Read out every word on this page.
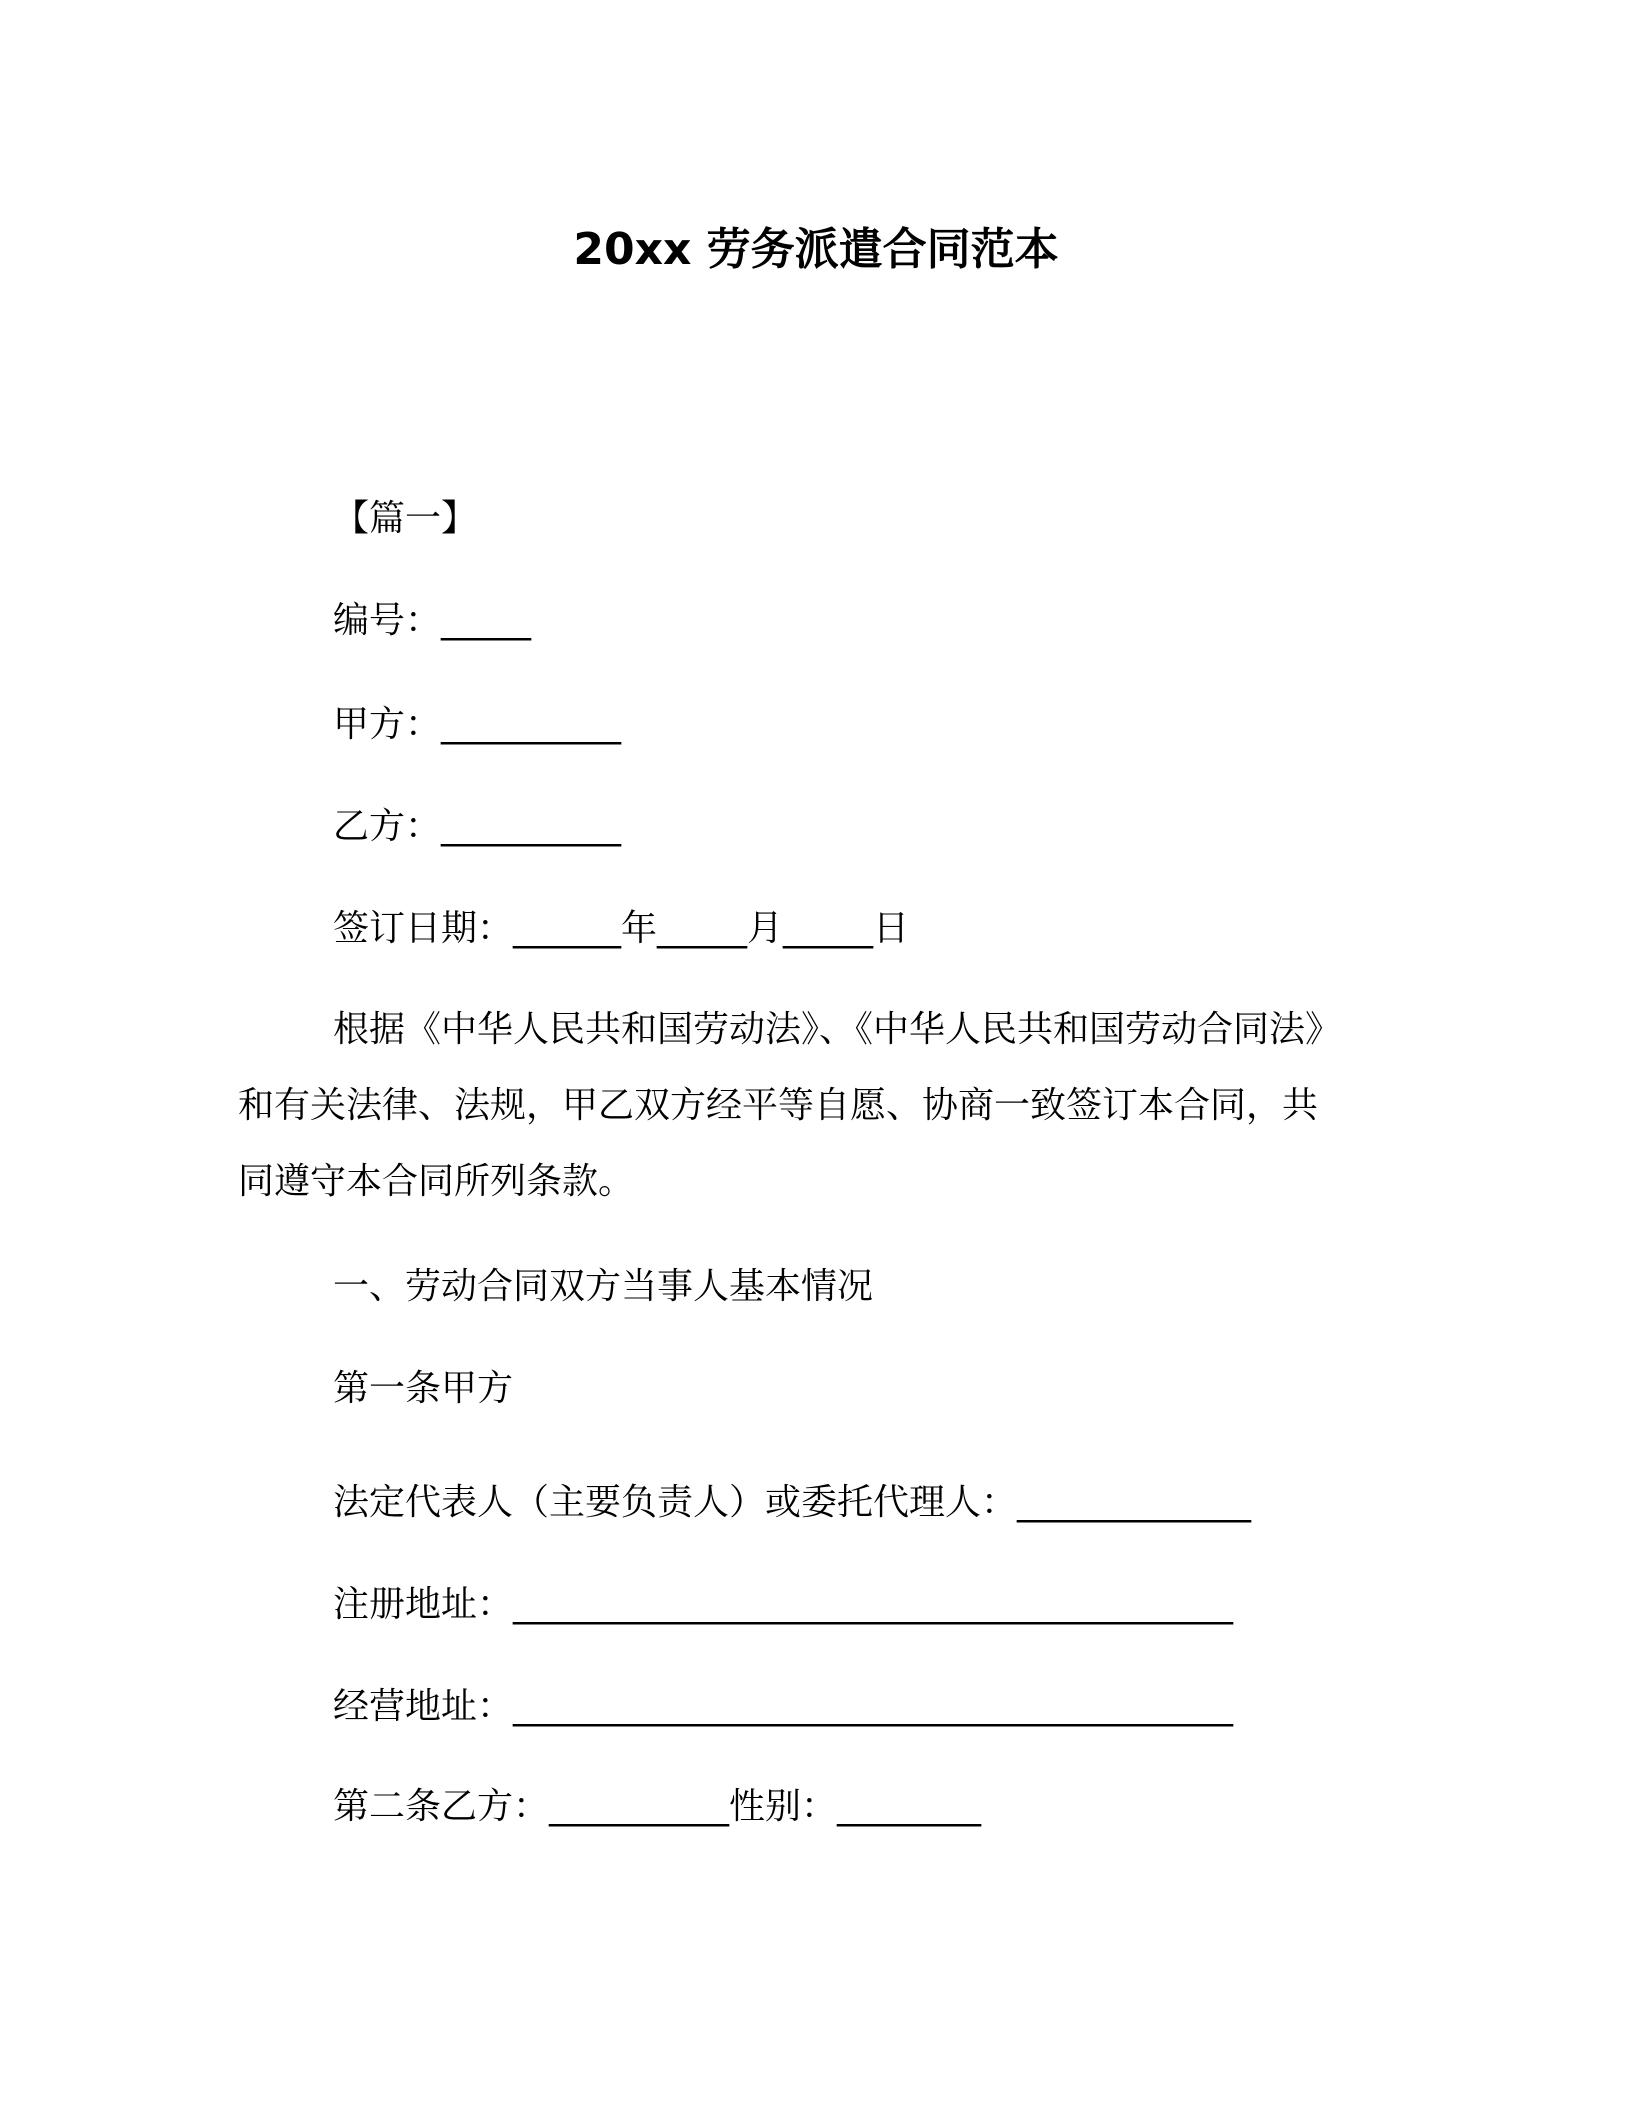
20xx 劳务派遣合同范本
【篇一】
编号：_____
甲方：__________
乙方：__________
签订日期：______年_____月_____日
根据《中华人民共和国劳动法》、《中华人民共和国劳动合同法》
和有关法律、法规，甲乙双方经平等自愿、协商一致签订本合同，共
同遵守本合同所列条款。
一、劳动合同双方当事人基本情况
第一条甲方
法定代表人（主要负责人）或委托代理人：_____________
注册地址：________________________________________
经营地址：________________________________________
第二条乙方：__________性别：________
